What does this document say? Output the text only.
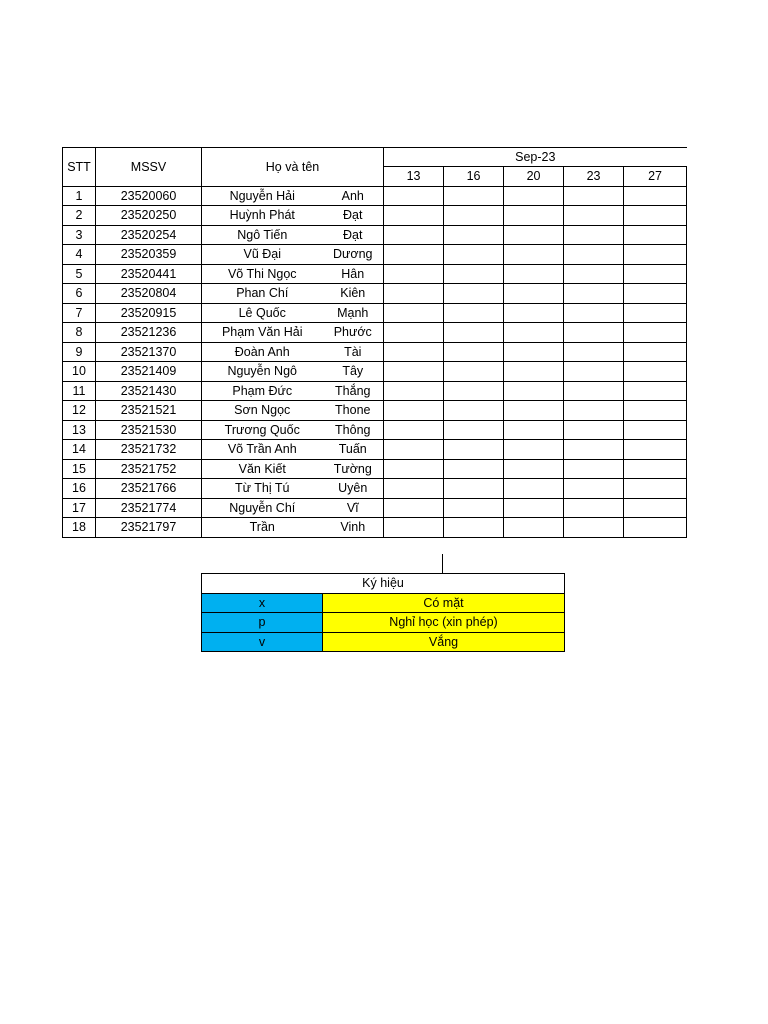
STT	MSSV	Họ và tên		Sep-23				
				13	16	20	23	27
1	23520060	Nguyễn Hải	Anh					
2	23520250	Huỳnh Phát	Đạt					
3	23520254	Ngô Tiến	Đạt					
4	23520359	Vũ Đại	Dương					
5	23520441	Võ Thi Ngọc	Hân					
6	23520804	Phan Chí	Kiên					
7	23520915	Lê Quốc	Mạnh					
8	23521236	Phạm Văn Hải	Phước					
9	23521370	Đoàn Anh	Tài					
10	23521409	Nguyễn Ngô	Tây					
11	23521430	Phạm Đức	Thắng					
12	23521521	Sơn Ngọc	Thone					
13	23521530	Trương Quốc	Thông					
14	23521732	Võ Trần Anh	Tuấn					
15	23521752	Văn Kiết	Tường					
16	23521766	Từ Thị Tú	Uyên					
17	23521774	Nguyễn Chí	Vĩ					
18	23521797	Trần	Vinh					
Ký hiệu	
x	Có mặt
p	Nghỉ học (xin phép)
v	Vắng
